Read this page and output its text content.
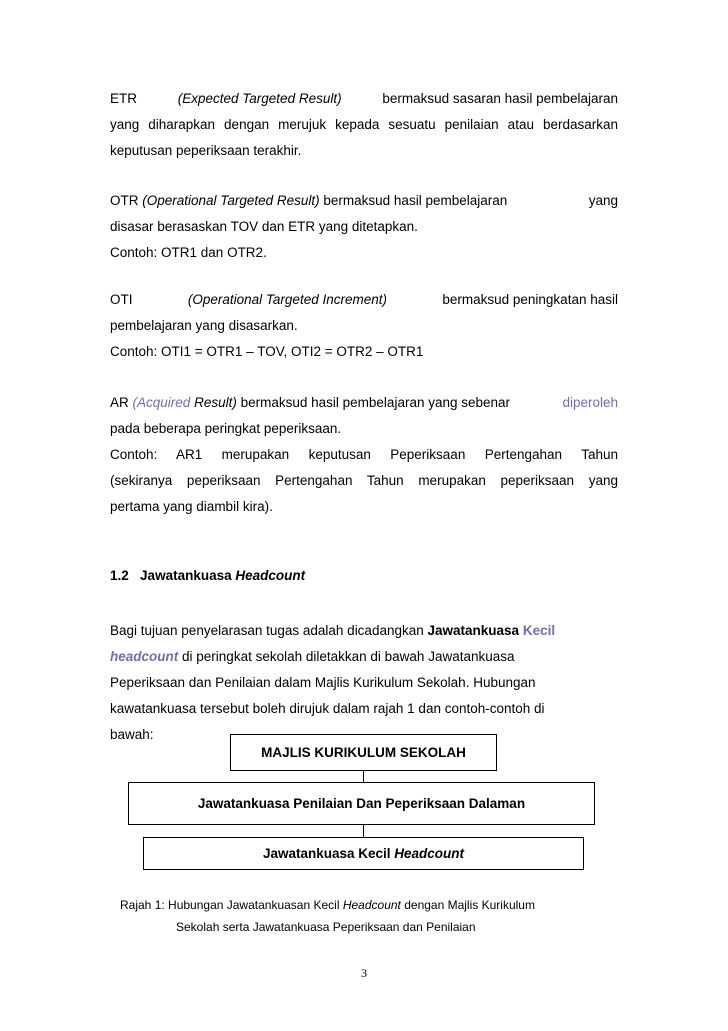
ETR	(Expected Targeted Result)	bermaksud sasaran hasil pembelajaran
yang diharapkan dengan merujuk kepada sesuatu penilaian atau berdasarkan
keputusan peperiksaan terakhir.
OTR (Operational Targeted Result) bermaksud hasil pembelajaran	yang
disasar berasaskan TOV dan ETR yang ditetapkan.
Contoh: OTR1 dan OTR2.
OTI	(Operational Targeted Increment)	bermaksud peningkatan hasil
pembelajaran yang disasarkan.
Contoh: OTI1 = OTR1 – TOV, OTI2 = OTR2 – OTR1
AR (Acquired Result) bermaksud hasil pembelajaran yang sebenar	diperoleh
pada beberapa peringkat peperiksaan.
Contoh: AR1 merupakan keputusan Peperiksaan Pertengahan Tahun
(sekiranya peperiksaan Pertengahan Tahun merupakan peperiksaan yang
pertama yang diambil kira).
1.2 Jawatankuasa Headcount
Bagi tujuan penyelarasan tugas adalah dicadangkan Jawatankuasa Kecil
headcount di peringkat sekolah diletakkan di bawah Jawatankuasa
Peperiksaan dan Penilaian dalam Majlis Kurikulum Sekolah. Hubungan
kawatankuasa tersebut boleh dirujuk dalam rajah 1 dan contoh-contoh di
bawah:
MAJLIS KURIKULUM SEKOLAH
Jawatankuasa Penilaian Dan Peperiksaan Dalaman
Jawatankuasa Kecil
Headcount
Rajah 1: Hubungan Jawatankuasan Kecil Headcount dengan Majlis Kurikulum
Sekolah serta Jawatankuasa Peperiksaan dan Penilaian
3
